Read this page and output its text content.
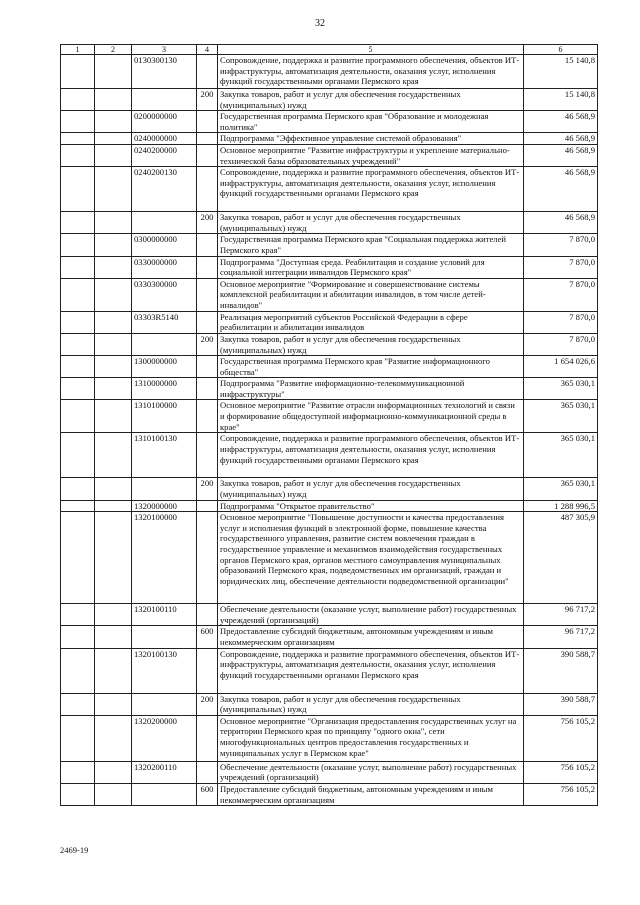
32
1	2	3	4	5	6
		0130300130		Сопровождение, поддержка и развитие программного обеспечения, объектов ИТ-инфраструктуры, автоматизация деятельности, оказания услуг, исполнения функций государственными органами Пермского края	15 140,8
			200	Закупка товаров, работ и услуг для обеспечения государственных (муниципальных) нужд	15 140,8
		0200000000		Государственная программа Пермского края "Образование и молодежная политика"	46 568,9
		0240000000		Подпрограмма "Эффективное управление системой образования"	46 568,9
		0240200000		Основное мероприятие "Развитие инфраструктуры и укрепление материально-технической базы образовательных учреждений"	46 568,9
		0240200130		Сопровождение, поддержка и развитие программного обеспечения, объектов ИТ-инфраструктуры, автоматизация деятельности, оказания услуг, исполнения функций государственными органами Пермского края	46 568,9
			200	Закупка товаров, работ и услуг для обеспечения государственных (муниципальных) нужд	46 568,9
		0300000000		Государственная программа Пермского края "Социальная поддержка жителей Пермского края"	7 870,0
		0330000000		Подпрограмма "Доступная среда. Реабилитация и создание условий для социальной интеграции инвалидов Пермского края"	7 870,0
		0330300000		Основное мероприятие "Формирование и совершенствование системы комплексной реабилитации и абилитации инвалидов, в том числе детей-инвалидов"	7 870,0
		03303R5140		Реализация мероприятий субъектов Российской Федерации в сфере реабилитации и абилитации инвалидов	7 870,0
			200	Закупка товаров, работ и услуг для обеспечения государственных (муниципальных) нужд	7 870,0
		1300000000		Государственная программа Пермского края "Развитие информационного общества"	1 654 026,6
		1310000000		Подпрограмма "Развитие информационно-телекоммуникационной инфраструктуры"	365 030,1
		1310100000		Основное мероприятие "Развитие отрасли информационных технологий и связи и формирование общедоступной информационно-коммуникационной среды в крае"	365 030,1
		1310100130		Сопровождение, поддержка и развитие программного обеспечения, объектов ИТ-инфраструктуры, автоматизация деятельности, оказания услуг, исполнения функций государственными органами Пермского края	365 030,1
			200	Закупка товаров, работ и услуг для обеспечения государственных (муниципальных) нужд	365 030,1
		1320000000		Подпрограмма "Открытое правительство"	1 288 996,5
		1320100000		Основное мероприятие "Повышение доступности и качества предоставления услуг и исполнения функций в электронной форме, повышение качества государственного управления, развитие систем вовлечения граждан в государственное управление и механизмов взаимодействия государственных органов Пермского края, органов местного самоуправления муниципальных образований Пермского края, подведомственных им организаций, граждан и юридических лиц, обеспечение деятельности подведомственной организации"	487 305,9
		1320100110		Обеспечение деятельности (оказание услуг, выполнение работ) государственных учреждений (организаций)	96 717,2
			600	Предоставление субсидий бюджетным, автономным учреждениям и иным некоммерческим организациям	96 717,2
		1320100130		Сопровождение, поддержка и развитие программного обеспечения, объектов ИТ-инфраструктуры, автоматизация деятельности, оказания услуг, исполнения функций государственными органами Пермского края	390 588,7
			200	Закупка товаров, работ и услуг для обеспечения государственных (муниципальных) нужд	390 588,7
		1320200000		Основное мероприятие "Организация предоставления государственных услуг на территории Пермского края по принципу "одного окна", сети многофункциональных центров предоставления государственных и муниципальных услуг в Пермском крае"	756 105,2
		1320200110		Обеспечение деятельности (оказание услуг, выполнение работ) государственных учреждений (организаций)	756 105,2
			600	Предоставление субсидий бюджетным, автономным учреждениям и иным некоммерческим организациям	756 105,2
2469-19
